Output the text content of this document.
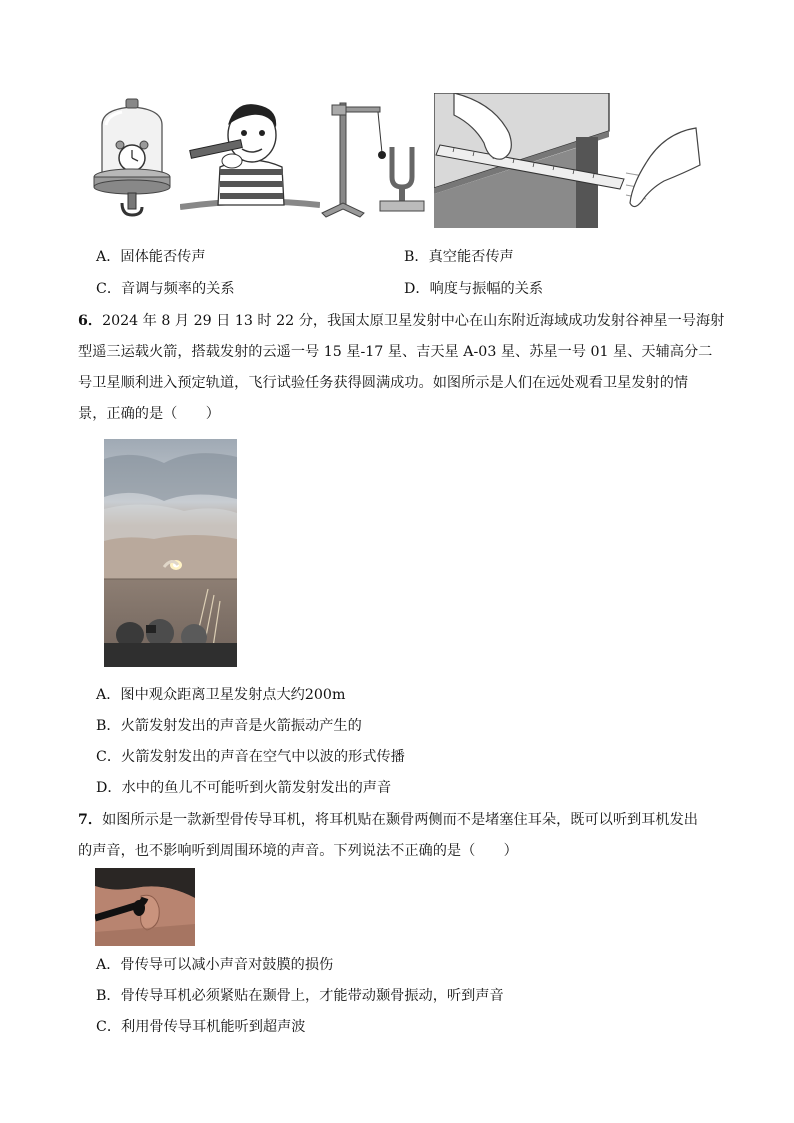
A．固体能否传声	B．真空能否传声
C．音调与频率的关系	D．响度与振幅的关系
6．2024 年 8 月 29 日 13 时 22 分，我国太原卫星发射中心在山东附近海域成功发射谷神星一号海射
型遥三运载火箭，搭载发射的云遥一号 15 星-17 星、吉天星 A-03 星、苏星一号 01 星、天辅高分二
号卫星顺利进入预定轨道，飞行试验任务获得圆满成功。如图所示是人们在远处观看卫星发射的情
景，正确的是（　　）
A．图中观众距离卫星发射点大约200m
B．火箭发射发出的声音是火箭振动产生的
C．火箭发射发出的声音在空气中以波的形式传播
D．水中的鱼儿不可能听到火箭发射发出的声音
7．如图所示是一款新型骨传导耳机，将耳机贴在颞骨两侧而不是堵塞住耳朵，既可以听到耳机发出
的声音，也不影响听到周围环境的声音。下列说法不正确的是（　　）
A．骨传导可以减小声音对鼓膜的损伤
B．骨传导耳机必须紧贴在颞骨上，才能带动颞骨振动，听到声音
C．利用骨传导耳机能听到超声波
